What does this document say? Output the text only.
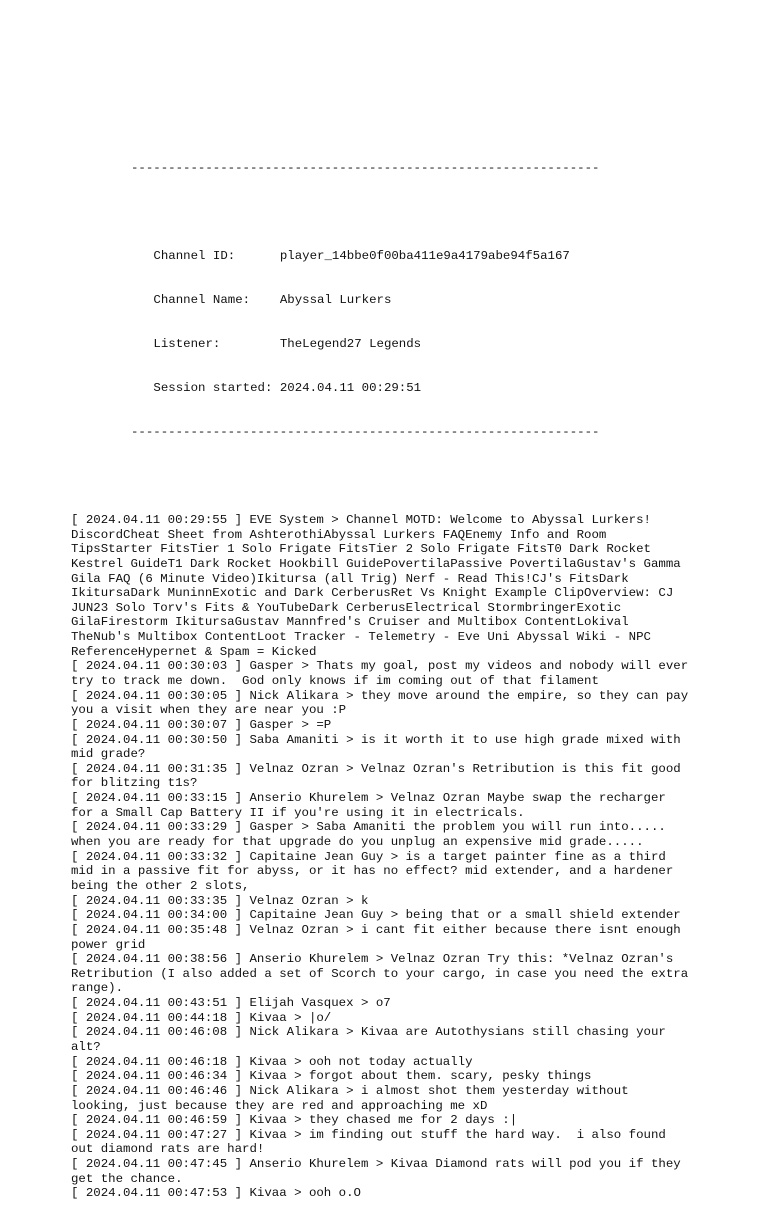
---------------------------------------------------------------

Channel ID:      player_14bbe0f00ba411e9a4179abe94f5a167

Channel Name:    Abyssal Lurkers

Listener:        TheLegend27 Legends

Session started: 2024.04.11 00:29:51

---------------------------------------------------------------

[ 2024.04.11 00:29:55 ] EVE System > Channel MOTD: Welcome to Abyssal Lurkers!
DiscordCheat Sheet from AshterothiAbyssal Lurkers FAQEnemy Info and Room
TipsStarter FitsTier 1 Solo Frigate FitsTier 2 Solo Frigate FitsT0 Dark Rocket
Kestrel GuideT1 Dark Rocket Hookbill GuidePovertilaPassive PovertilaGustav's Gamma
Gila FAQ (6 Minute Video)Ikitursa (all Trig) Nerf - Read This!CJ's FitsDark
IkitursaDark MuninnExotic and Dark CerberusRet Vs Knight Example ClipOverview: CJ
JUN23 Solo Torv's Fits & YouTubeDark CerberusElectrical StormbringerExotic
GilaFirestorm IkitursaGustav Mannfred's Cruiser and Multibox ContentLokival
TheNub's Multibox ContentLoot Tracker - Telemetry - Eve Uni Abyssal Wiki - NPC
ReferenceHypernet & Spam = Kicked
[ 2024.04.11 00:30:03 ] Gasper > Thats my goal, post my videos and nobody will ever
try to track me down.  God only knows if im coming out of that filament
[ 2024.04.11 00:30:05 ] Nick Alikara > they move around the empire, so they can pay
you a visit when they are near you :P
[ 2024.04.11 00:30:07 ] Gasper > =P
[ 2024.04.11 00:30:50 ] Saba Amaniti > is it worth it to use high grade mixed with
mid grade?
[ 2024.04.11 00:31:35 ] Velnaz Ozran > Velnaz Ozran's Retribution is this fit good
for blitzing t1s?
[ 2024.04.11 00:33:15 ] Anserio Khurelem > Velnaz Ozran Maybe swap the recharger
for a Small Cap Battery II if you're using it in electricals.
[ 2024.04.11 00:33:29 ] Gasper > Saba Amaniti the problem you will run into.....
when you are ready for that upgrade do you unplug an expensive mid grade.....
[ 2024.04.11 00:33:32 ] Capitaine Jean Guy > is a target painter fine as a third
mid in a passive fit for abyss, or it has no effect? mid extender, and a hardener
being the other 2 slots,
[ 2024.04.11 00:33:35 ] Velnaz Ozran > k
[ 2024.04.11 00:34:00 ] Capitaine Jean Guy > being that or a small shield extender
[ 2024.04.11 00:35:48 ] Velnaz Ozran > i cant fit either because there isnt enough
power grid
[ 2024.04.11 00:38:56 ] Anserio Khurelem > Velnaz Ozran Try this: *Velnaz Ozran's
Retribution (I also added a set of Scorch to your cargo, in case you need the extra
range).
[ 2024.04.11 00:43:51 ] Elijah Vasquex > o7
[ 2024.04.11 00:44:18 ] Kivaa > |o/
[ 2024.04.11 00:46:08 ] Nick Alikara > Kivaa are Autothysians still chasing your
alt?
[ 2024.04.11 00:46:18 ] Kivaa > ooh not today actually
[ 2024.04.11 00:46:34 ] Kivaa > forgot about them. scary, pesky things
[ 2024.04.11 00:46:46 ] Nick Alikara > i almost shot them yesterday without
looking, just because they are red and approaching me xD
[ 2024.04.11 00:46:59 ] Kivaa > they chased me for 2 days :|
[ 2024.04.11 00:47:27 ] Kivaa > im finding out stuff the hard way.  i also found
out diamond rats are hard!
[ 2024.04.11 00:47:45 ] Anserio Khurelem > Kivaa Diamond rats will pod you if they
get the chance.
[ 2024.04.11 00:47:53 ] Kivaa > ooh o.O
